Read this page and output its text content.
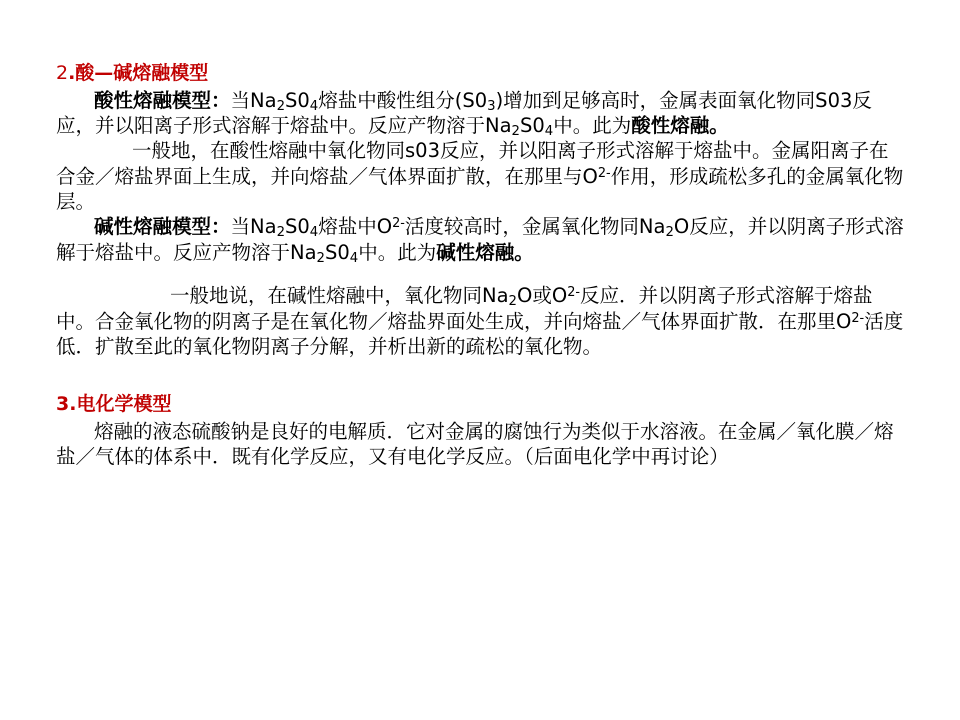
2.酸—碱熔融模型

酸性熔融模型：当$Na_2S0_4$熔盐中酸性组分$(S0_3)$增加到足够高时，金属表面氧化物同S03反应，并以阳离子形式溶解于熔盐中。反应产物溶于$Na_2S0_4$中。此为酸性熔融。

一般地，在酸性熔融中氧化物同s03反应，并以阳离子形式溶解于熔盐中。金属阳离子在合金／熔盐界面上生成，并向熔盐／气体界面扩散，在那里与$O^{2-}$作用，形成疏松多孔的金属氧化物层。

碱性熔融模型：当$Na_2S0_4$熔盐中$O^{2-}$活度较高时，金属氧化物同$Na_2O$反应，并以阴离子形式溶解于熔盐中。反应产物溶于$Na_2S0_4$中。此为碱性熔融。

一般地说，在碱性熔融中，氧化物同$Na_2O$或$O^{2-}$反应．并以阴离子形式溶解于熔盐中。合金氧化物的阴离子是在氧化物／熔盐界面处生成，并向熔盐／气体界面扩散．在那里$O^{2-}$活度低．扩散至此的氧化物阴离子分解，并析出新的疏松的氧化物。

3.电化学模型

熔融的液态硫酸钠是良好的电解质．它对金属的腐蚀行为类似于水溶液。在金属／氧化膜／熔盐／气体的体系中．既有化学反应，又有电化学反应。（后面电化学中再讨论）
